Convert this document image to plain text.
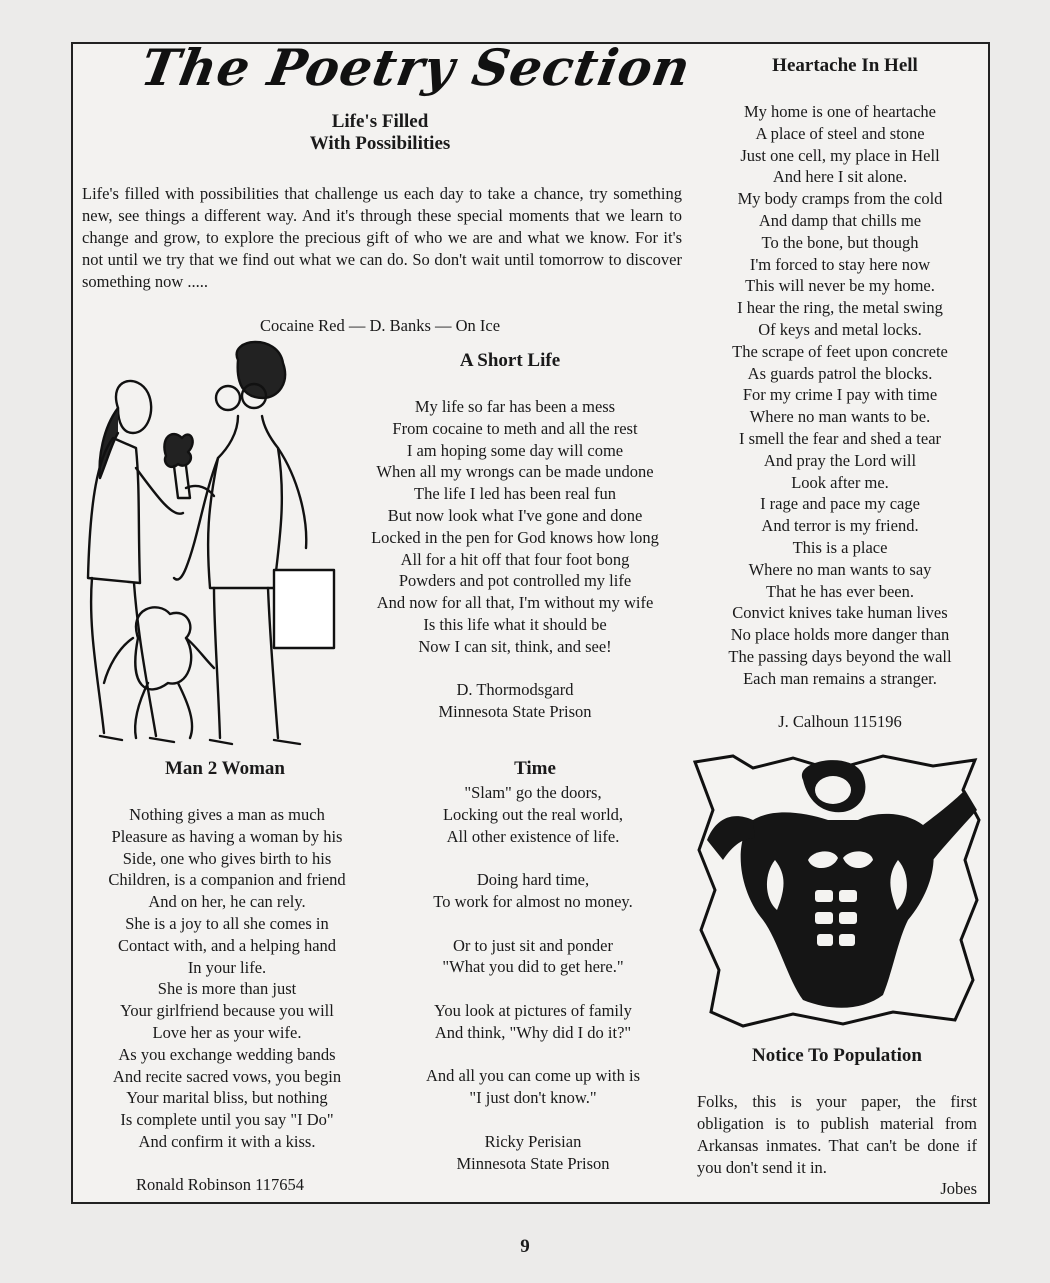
The Poetry Section
Life's Filled
With Possibilities
Life's filled with possibilities that challenge us each day to take a chance, try something new, see things a different way. And it's through these special moments that we learn to change and grow, to explore the precious gift of who we are and what we know. For it's not until we try that we find out what we can do. So don't wait until tomorrow to discover something now .....
Cocaine Red — D. Banks — On Ice
A Short Life
My life so far has been a mess
From cocaine to meth and all the rest
I am hoping some day will come
When all my wrongs can be made undone
The life I led has been real fun
But now look what I've gone and done
Locked in the pen for God knows how long
All for a hit off that four foot bong
Powders and pot controlled my life
And now for all that, I'm without my wife
Is this life what it should be
Now I can sit, think, and see!
D. Thormodsgard
Minnesota State Prison
Heartache In Hell
My home is one of heartache
A place of steel and stone
Just one cell, my place in Hell
And here I sit alone.
My body cramps from the cold
And damp that chills me
To the bone, but though
I'm forced to stay here now
This will never be my home.
I hear the ring, the metal swing
Of keys and metal locks.
The scrape of feet upon concrete
As guards patrol the blocks.
For my crime I pay with time
Where no man wants to be.
I smell the fear and shed a tear
And pray the Lord will
Look after me.
I rage and pace my cage
And terror is my friend.
This is a place
Where no man wants to say
That he has ever been.
Convict knives take human lives
No place holds more danger than
The passing days beyond the wall
Each man remains a stranger.
J. Calhoun 115196
Notice To Population
Folks, this is your paper, the first obligation is to publish material from Arkansas inmates. That can't be done if you don't send it in.
Jobes
Man 2 Woman
Nothing gives a man as much
Pleasure as having a woman by his
Side, one who gives birth to his
Children, is a companion and friend
And on her, he can rely.
She is a joy to all she comes in
Contact with, and a helping hand
In your life.
She is more than just
Your girlfriend because you will
Love her as your wife.
As you exchange wedding bands
And recite sacred vows, you begin
Your marital bliss, but nothing
Is complete until you say "I Do"
And confirm it with a kiss.
Ronald Robinson 117654
Time
"Slam" go the doors,
Locking out the real world,
All other existence of life.

Doing hard time,
To work for almost no money.

Or to just sit and ponder
"What you did to get here."

You look at pictures of family
And think, "Why did I do it?"

And all you can come up with is
"I just don't know."
Ricky Perisian
Minnesota State Prison
9
